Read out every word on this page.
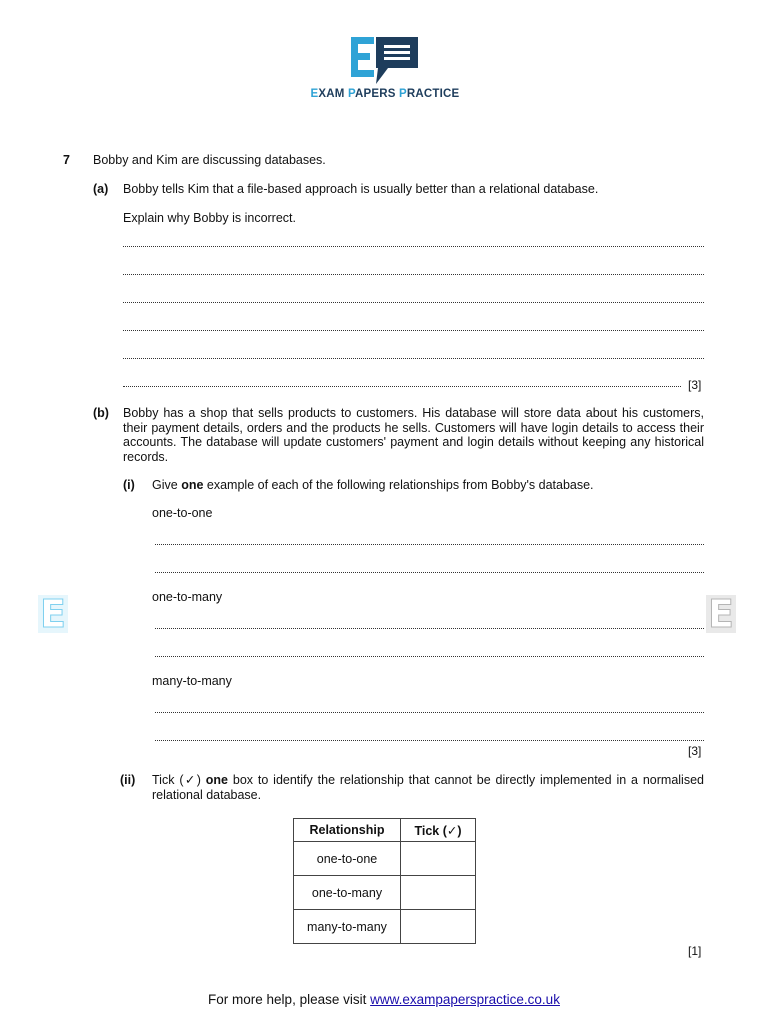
EXAM PAPERS PRACTICE
7 Bobby and Kim are discussing databases.
(a) Bobby tells Kim that a file-based approach is usually better than a relational database.
Explain why Bobby is incorrect.
[3]
(b) Bobby has a shop that sells products to customers. His database will store data about his customers, their payment details, orders and the products he sells. Customers will have login details to access their accounts. The database will update customers' payment and login details without keeping any historical records.
(i) Give one example of each of the following relationships from Bobby's database.
one-to-one
one-to-many
many-to-many
[3]
(ii) Tick (✓) one box to identify the relationship that cannot be directly implemented in a normalised relational database.
Relationship	Tick (✓)
one-to-one	
one-to-many	
many-to-many	
[1]
E	E
For more help, please visit www.exampaperspractice.co.uk
